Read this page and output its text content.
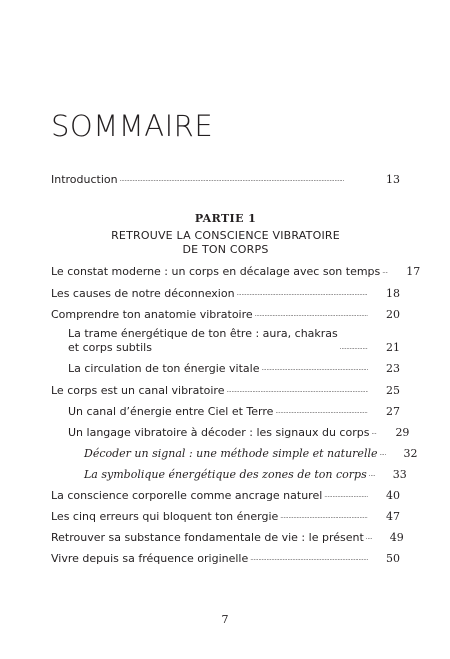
SOMMAIRE
Introduction . . .	13
PARTIE 1
RETROUVE LA CONSCIENCE VIBRATOIRE
DE TON CORPS
Le constat moderne : un corps en décalage avec son temps . . .	17
Les causes de notre déconnexion . . .	18
Comprendre ton anatomie vibratoire . . .	20
La trame énergétique de ton être : aura, chakras
et corps subtils . . .	21
La circulation de ton énergie vitale . . .	23
Le corps est un canal vibratoire . . .	25
Un canal d’énergie entre Ciel et Terre . . .	27
Un langage vibratoire à décoder : les signaux du corps . . .	29
Décoder un signal : une méthode simple et naturelle . . .	32
La symbolique énergétique des zones de ton corps . . .	33
La conscience corporelle comme ancrage naturel . . .	40
Les cinq erreurs qui bloquent ton énergie . . .	47
Retrouver sa substance fondamentale de vie : le présent . . .	49
Vivre depuis sa fréquence originelle . . .	50
7
